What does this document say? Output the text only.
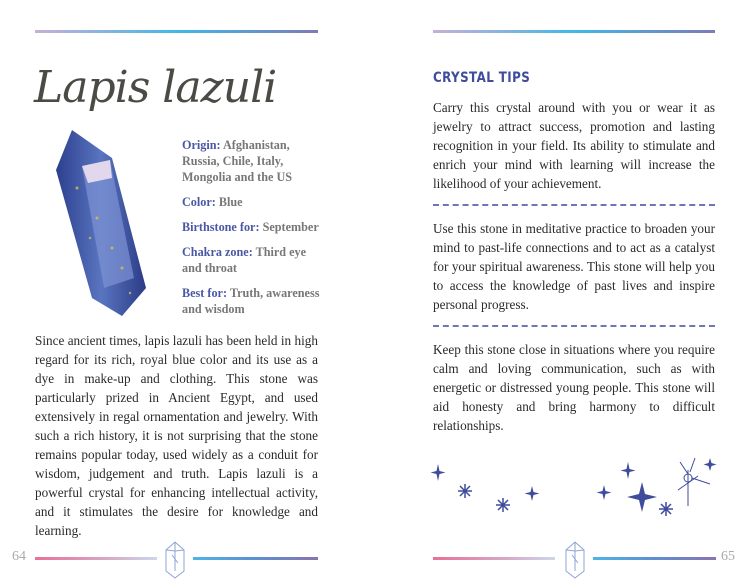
Lapis lazuli

Origin: Afghanistan, Russia, Chile, Italy, Mongolia and the US

Color: Blue

Birthstone for: September

Chakra zone: Third eye and throat

Best for: Truth, awareness and wisdom

Since ancient times, lapis lazuli has been held in high regard for its rich, royal blue color and its use as a dye in make-up and clothing. This stone was particularly prized in Ancient Egypt, and used extensively in regal ornamentation and jewelry. With such a rich history, it is not surprising that the stone remains popular today, used widely as a conduit for wisdom, judgement and truth. Lapis lazuli is a powerful crystal for enhancing intellectual activity, and it stimulates the desire for knowledge and learning.
CRYSTAL TIPS
Carry this crystal around with you or wear it as jewelry to attract success, promotion and lasting recognition in your field. Its ability to stimulate and enrich your mind with learning will increase the likelihood of your achievement.
Use this stone in meditative practice to broaden your mind to past-life connections and to act as a catalyst for your spiritual awareness. This stone will help you to access the knowledge of past lives and inspire personal progress.
Keep this stone close in situations where you require calm and loving communication, such as with energetic or distressed young people. This stone will aid honesty and bring harmony to difficult relationships.
64	65
